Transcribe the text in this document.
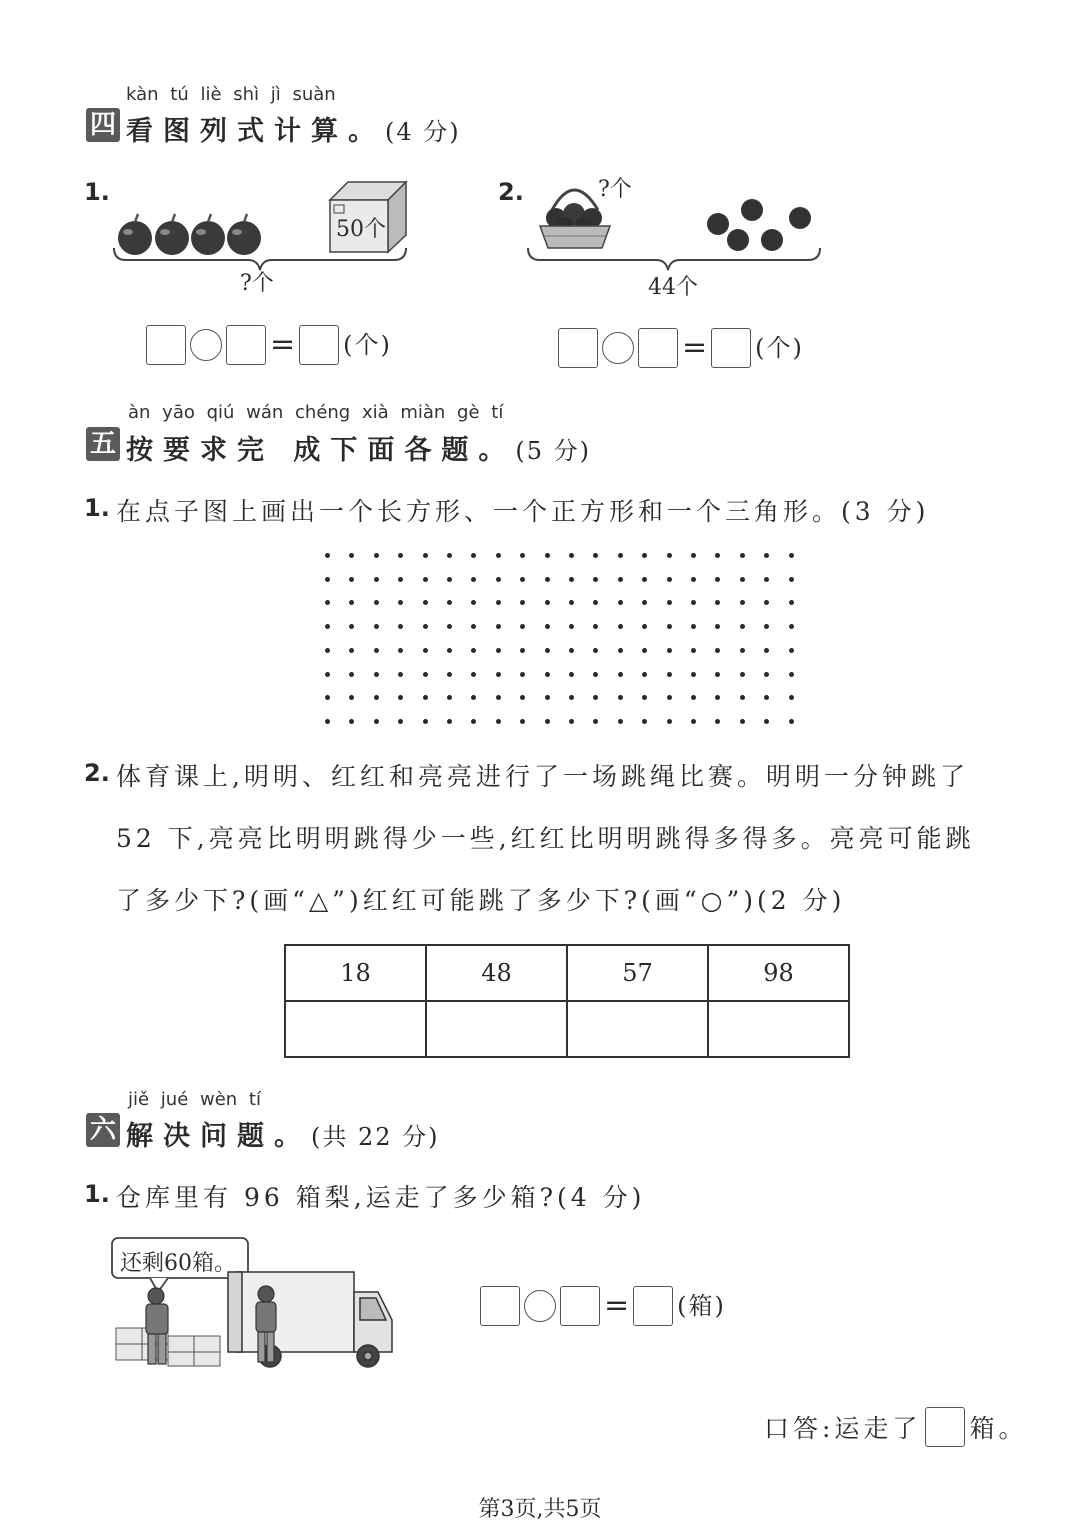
kàn tú liè shì jì suàn
四 看图列式计算。(4 分)
1.
50个
?个
= (个)
2.	?个
44个
= (个)
àn yāo qiú wán chéng xià miàn gè tí
五 按要求完 成下面各题。(5 分)
1. 在点子图上画出一个长方形、一个正方形和一个三角形。(3 分)
2. 体育课上,明明、红红和亮亮进行了一场跳绳比赛。明明一分钟跳了
52 下,亮亮比明明跳得少一些,红红比明明跳得多得多。亮亮可能跳
了多少下?(画“△”)红红可能跳了多少下?(画“○”)(2 分)
18	48	57	98

jiě jué wèn tí
六 解决问题。(共 22 分)
1. 仓库里有 96 箱梨,运走了多少箱?(4 分)
还剩60箱。
= (箱)
口答:运走了 箱。
第3页,共5页
